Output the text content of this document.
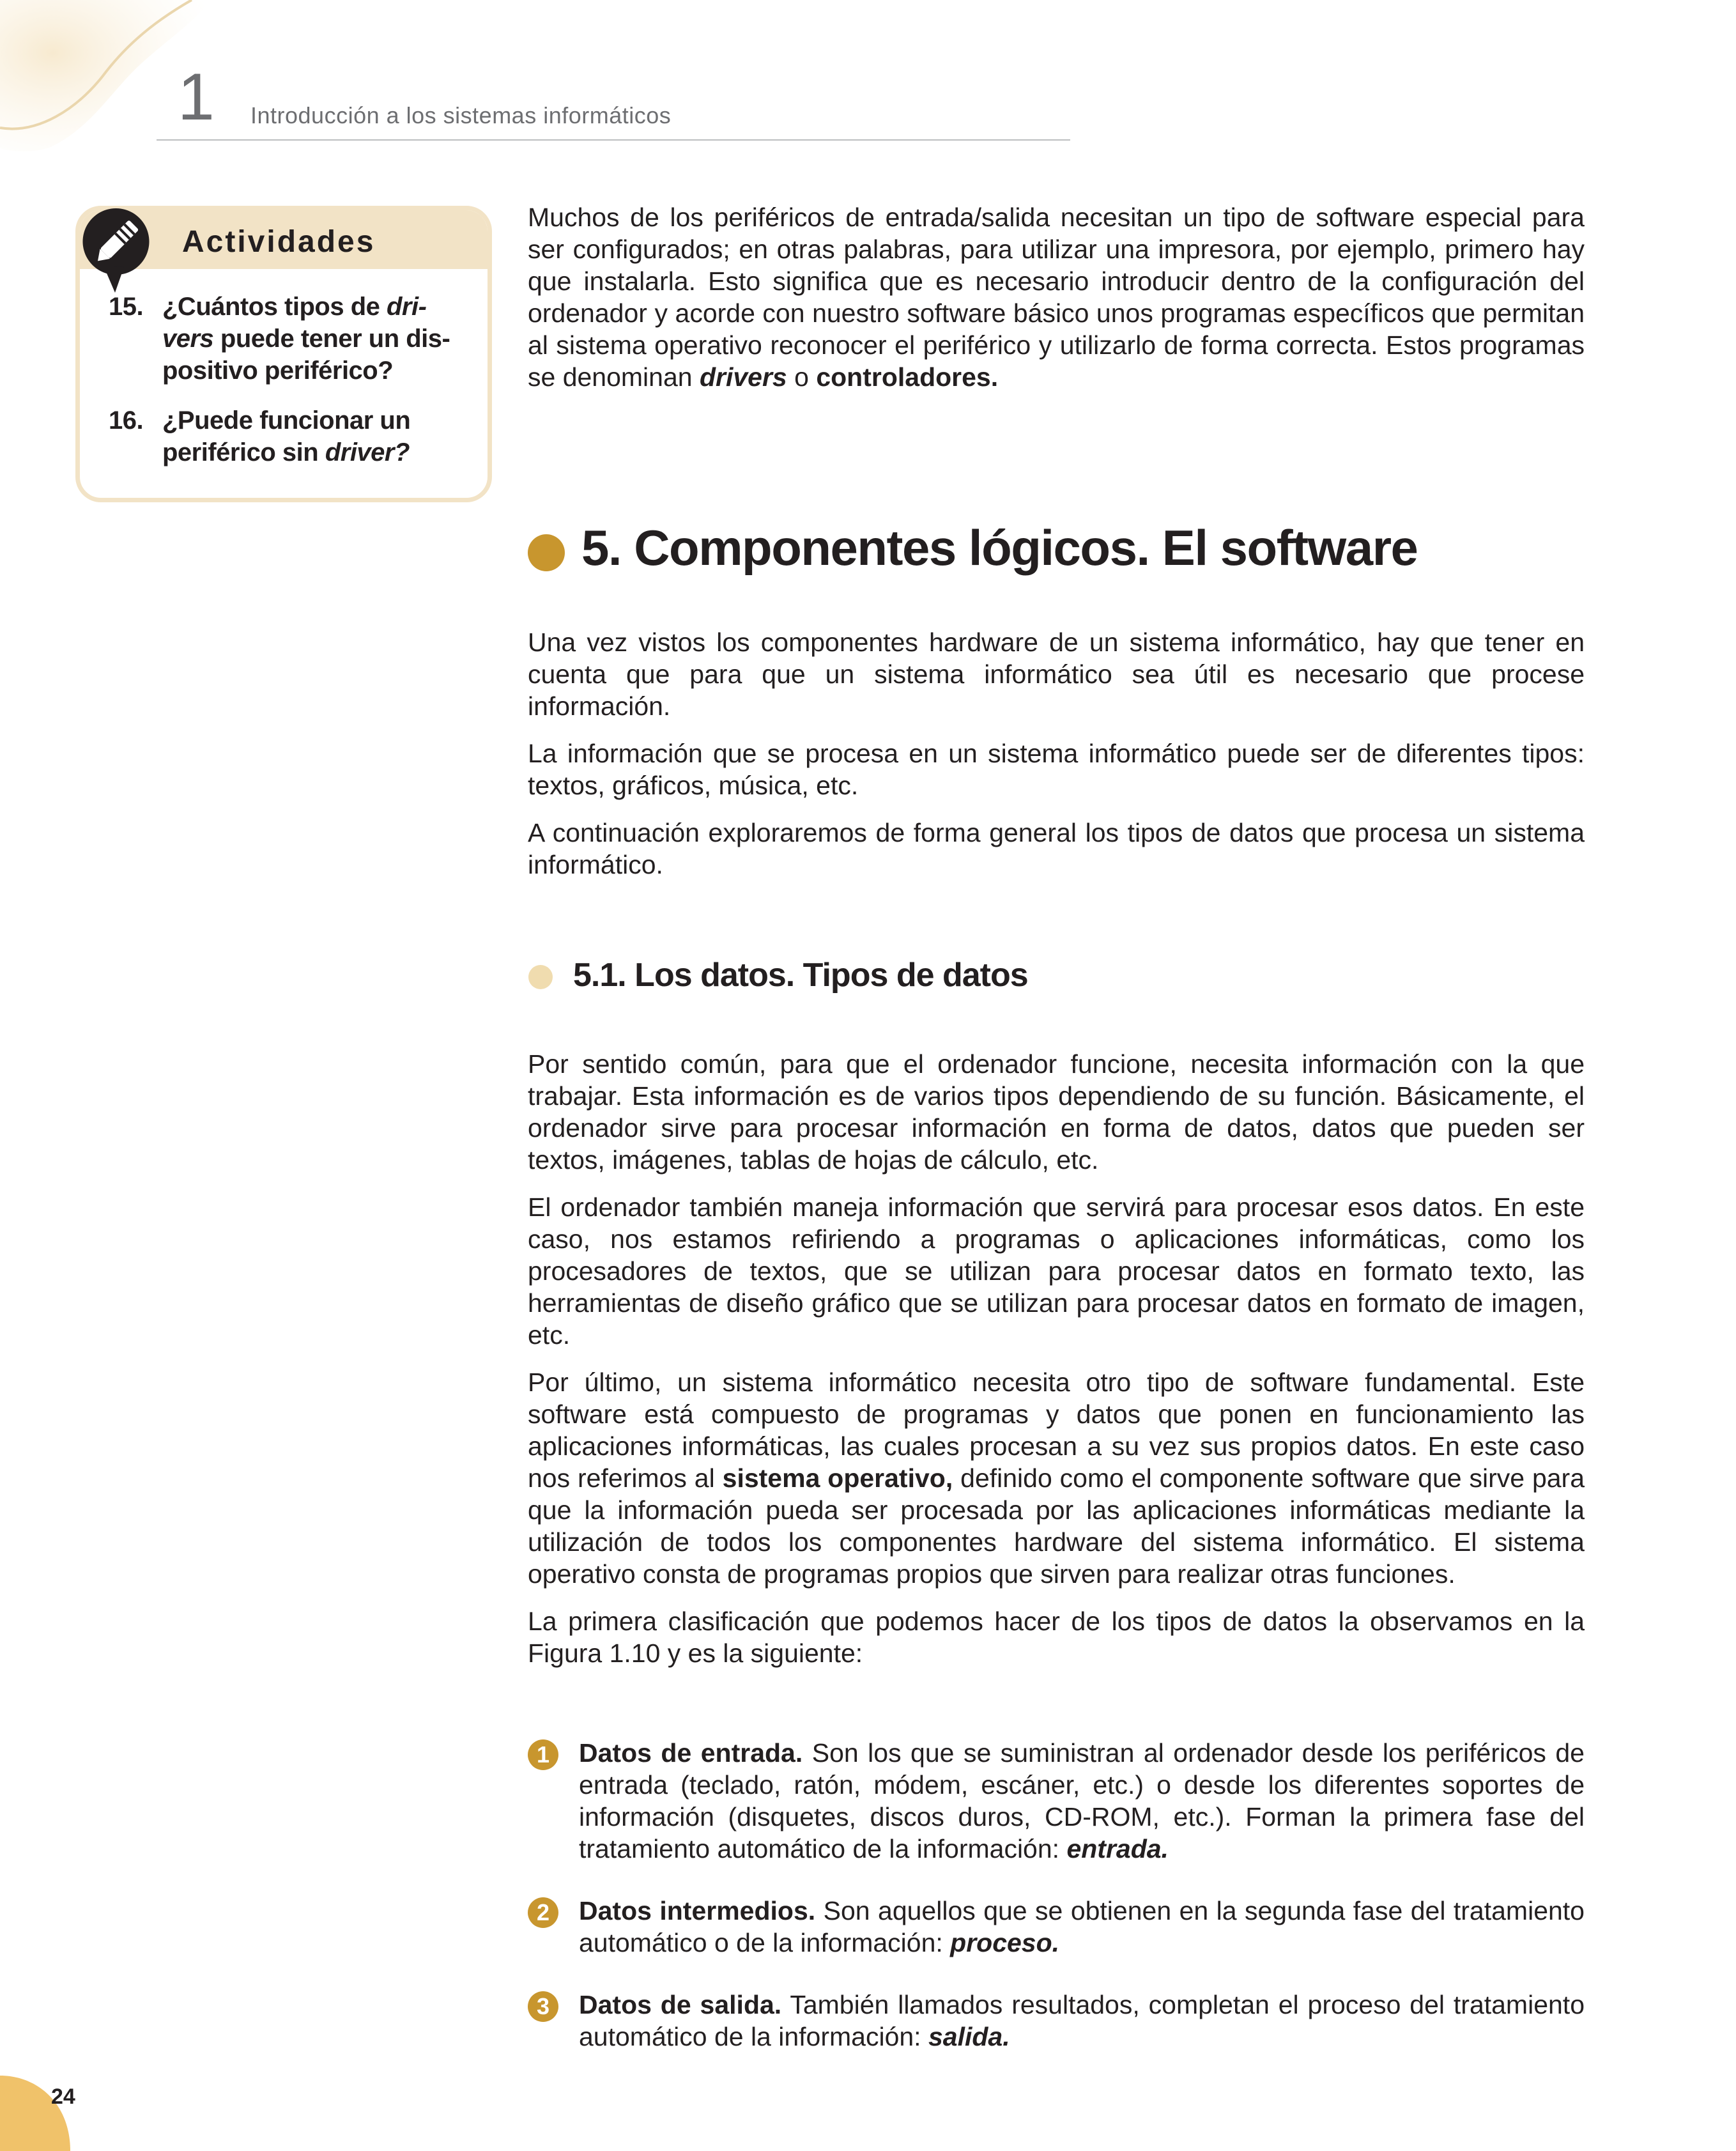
1 Introducción a los sistemas informáticos
Actividades
15. ¿Cuántos tipos de drivers puede tener un dispositivo periférico?
16. ¿Puede funcionar un periférico sin driver?

Muchos de los periféricos de entrada/salida necesitan un tipo de software especial para ser configurados; en otras palabras, para utilizar una impresora, por ejemplo, primero hay que instalarla. Esto significa que es necesario introducir dentro de la configuración del ordenador y acorde con nuestro software básico unos programas específicos que permitan al sistema operativo reconocer el periférico y utilizarlo de forma correcta. Estos programas se denominan drivers o controladores.

5. Componentes lógicos. El software

Una vez vistos los componentes hardware de un sistema informático, hay que tener en cuenta que para que un sistema informático sea útil es necesario que procese información.

La información que se procesa en un sistema informático puede ser de diferentes tipos: textos, gráficos, música, etc.

A continuación exploraremos de forma general los tipos de datos que procesa un sistema informático.

5.1. Los datos. Tipos de datos

Por sentido común, para que el ordenador funcione, necesita información con la que trabajar. Esta información es de varios tipos dependiendo de su función. Básicamente, el ordenador sirve para procesar información en forma de datos, datos que pueden ser textos, imágenes, tablas de hojas de cálculo, etc.

El ordenador también maneja información que servirá para procesar esos datos. En este caso, nos estamos refiriendo a programas o aplicaciones informáticas, como los procesadores de textos, que se utilizan para procesar datos en formato texto, las herramientas de diseño gráfico que se utilizan para procesar datos en formato de imagen, etc.

Por último, un sistema informático necesita otro tipo de software fundamental. Este software está compuesto de programas y datos que ponen en funcionamiento las aplicaciones informáticas, las cuales procesan a su vez sus propios datos. En este caso nos referimos al sistema operativo, definido como el componente software que sirve para que la información pueda ser procesada por las aplicaciones informáticas mediante la utilización de todos los componentes hardware del sistema informático. El sistema operativo consta de programas propios que sirven para realizar otras funciones.

La primera clasificación que podemos hacer de los tipos de datos la observamos en la Figura 1.10 y es la siguiente:

1	Datos de entrada. Son los que se suministran al ordenador desde los periféricos de entrada (teclado, ratón, módem, escáner, etc.) o desde los diferentes soportes de información (disquetes, discos duros, CD-ROM, etc.). Forman la primera fase del tratamiento automático de la información: entrada.
2	Datos intermedios. Son aquellos que se obtienen en la segunda fase del tratamiento automático o de la información: proceso.
3	Datos de salida. También llamados resultados, completan el proceso del tratamiento automático de la información: salida.
24
